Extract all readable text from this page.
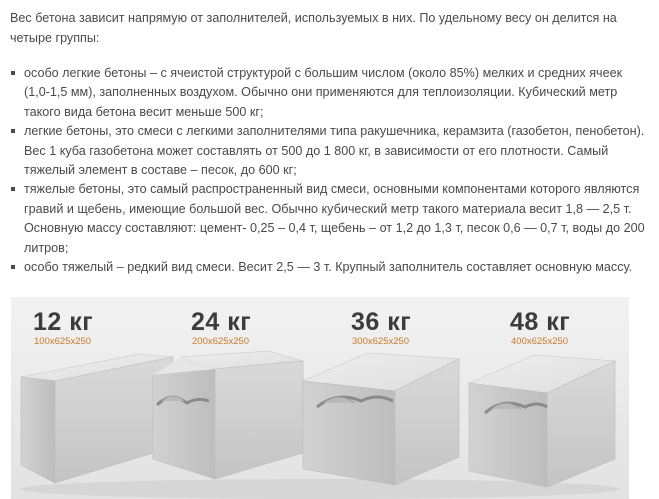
Вес бетона зависит напрямую от заполнителей, используемых в них. По удельному весу он делится на четыре группы:

особо легкие бетоны – с ячеистой структурой с большим числом (около 85%) мелких и средних ячеек (1,0-1,5 мм), заполненных воздухом. Обычно они применяются для теплоизоляции. Кубический метр такого вида бетона весит меньше 500 кг;
легкие бетоны, это смеси с легкими заполнителями типа ракушечника, керамзита (газобетон, пенобетон). Вес 1 куба газобетона может составлять от 500 до 1 800 кг, в зависимости от его плотности. Самый тяжелый элемент в составе – песок, до 600 кг;
тяжелые бетоны, это самый распространенный вид смеси, основными компонентами которого являются гравий и щебень, имеющие большой вес. Обычно кубический метр такого материала весит 1,8 — 2,5 т. Основную массу составляют: цемент- 0,25 – 0,4 т, щебень – от 1,2 до 1,3 т, песок 0,6 — 0,7 т, воды до 200 литров;
особо тяжелый – редкий вид смеси. Весит 2,5 — 3 т. Крупный заполнитель составляет основную массу.
12 кг
100x625x250
24 кг
200x625x250
36 кг
300x625x250
48 кг
400x625x250
